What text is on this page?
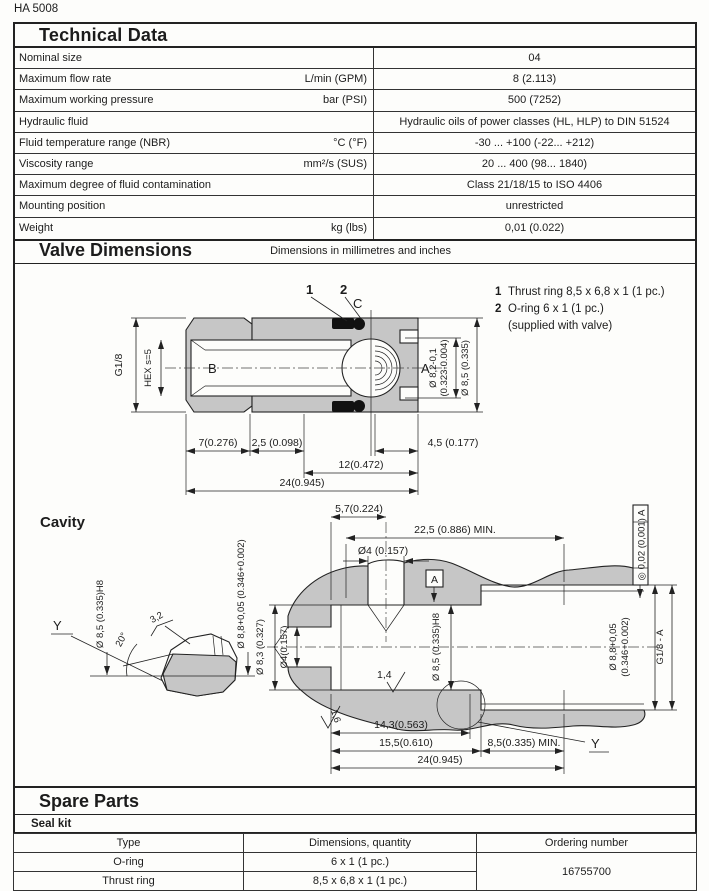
HA 5008
Technical Data
Nominal size	04
Maximum flow rate	L/min (GPM)	8 (2.113)
Maximum working pressure	bar (PSI)	500 (7252)
Hydraulic fluid	Hydraulic oils of power classes (HL, HLP) to DIN 51524
Fluid temperature range (NBR)	°C (°F)	-30 ... +100 (-22... +212)
Viscosity range	mm²/s (SUS)	20 ... 400 (98... 1840)
Maximum degree of fluid contamination	Class 21/18/15 to ISO 4406
Mounting position	unrestricted
Weight	kg (lbs)	0,01 (0.022)
Valve Dimensions	Dimensions in millimetres and inches
1 Thrust ring 8,5 x 6,8 x 1 (1 pc.)
2 O-ring 6 x 1 (1 pc.)
(supplied with valve)
Cavity
1 2
C
B	A
G1/8 HEX s=5	Ø 8,2-0,1 (0.323-0.004) Ø 8,5 (0.335)
7(0.276) 2,5 (0.098)	4,5 (0.177)
12(0.472)
24(0.945)
Y
20°
3,2
Ø 8,5 (0.335)H8	Ø 8,8+0,05 (0.346+0.002)	A
5,7(0.224)
22,5 (0.886) MIN.
Ø4 (0.157)
Ø 8,3 (0.327) Ø4(0.157)	Ø 8,5 (0.335)H8
1,4
◎ 0,02 (0,001) A
Ø 8,8+0,05 (0.346+0.002)	G1/8 - A
1,6
14,3(0.563)
15,5(0.610)	8,5(0.335) MIN.
24(0.945)
Y
Spare Parts
Seal kit
Type	Dimensions, quantity	Ordering number
O-ring	6 x 1 (1 pc.)	16755700
Thrust ring	8,5 x 6,8 x 1 (1 pc.)	
